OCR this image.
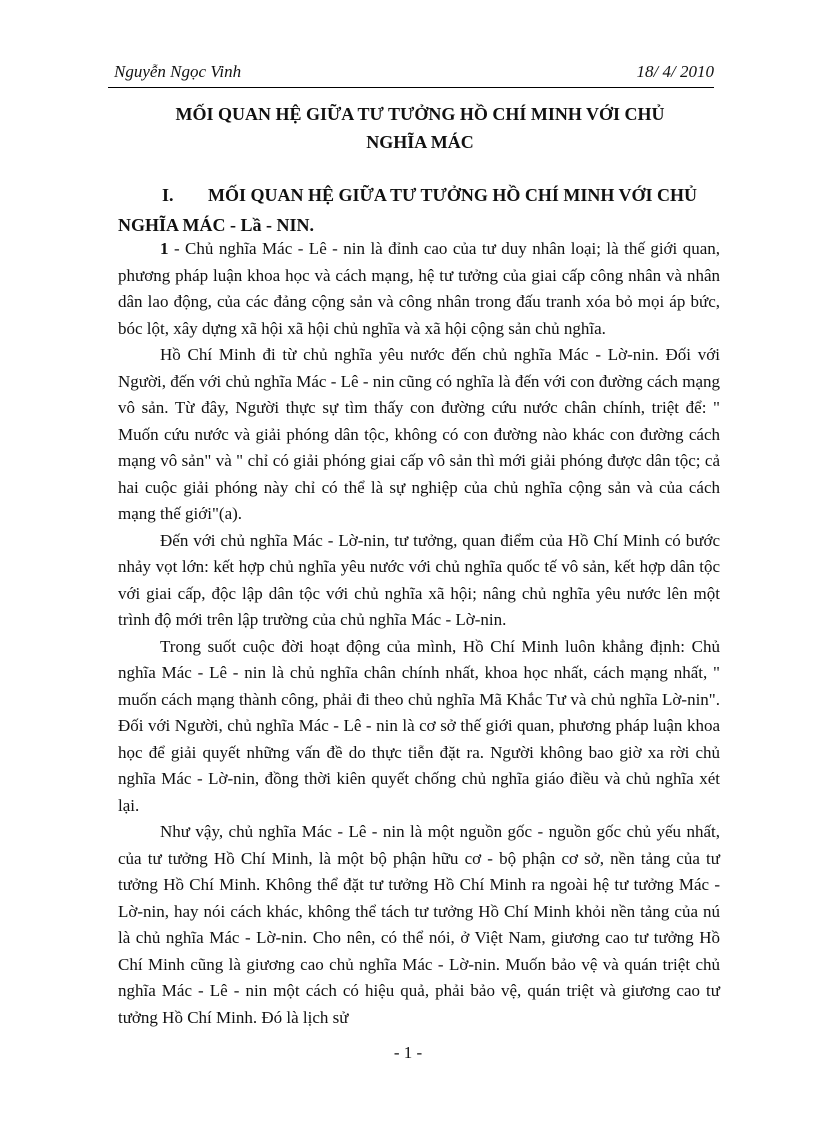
Nguyễn Ngọc Vinh	18/ 4/ 2010
MỐI QUAN HỆ GIỮA TƯ TƯỞNG HỒ CHÍ MINH VỚI CHỦ
NGHĨA MÁC
I. MỐI QUAN HỆ GIỮA TƯ TƯỞNG HỒ CHÍ MINH VỚI CHỦ
NGHĨA MÁC - Lầ - NIN.

1 - Chủ nghĩa Mác - Lê - nin là đỉnh cao của tư duy nhân loại; là thế giới quan, phương pháp luận khoa học và cách mạng, hệ tư tưởng của giai cấp công nhân và nhân dân lao động, của các đảng cộng sản và công nhân trong đấu tranh xóa bỏ mọi áp bức, bóc lột, xây dựng xã hội xã hội chủ nghĩa và xã hội cộng sản chủ nghĩa.

Hồ Chí Minh đi từ chủ nghĩa yêu nước đến chủ nghĩa Mác - Lờ-nin. Đối với Người, đến với chủ nghĩa Mác - Lê - nin cũng có nghĩa là đến với con đường cách mạng vô sản. Từ đây, Người thực sự tìm thấy con đường cứu nước chân chính, triệt để: " Muốn cứu nước và giải phóng dân tộc, không có con đường nào khác con đường cách mạng vô sản" và " chỉ có giải phóng giai cấp vô sản thì mới giải phóng được dân tộc; cả hai cuộc giải phóng này chỉ có thể là sự nghiệp của chủ nghĩa cộng sản và của cách mạng thế giới"(a).

Đến với chủ nghĩa Mác - Lờ-nin, tư tưởng, quan điểm của Hồ Chí Minh có bước nhảy vọt lớn: kết hợp chủ nghĩa yêu nước với chủ nghĩa quốc tế vô sản, kết hợp dân tộc với giai cấp, độc lập dân tộc với chủ nghĩa xã hội; nâng chủ nghĩa yêu nước lên một trình độ mới trên lập trường của chủ nghĩa Mác - Lờ-nin.

Trong suốt cuộc đời hoạt động của mình, Hồ Chí Minh luôn khẳng định: Chủ nghĩa Mác - Lê - nin là chủ nghĩa chân chính nhất, khoa học nhất, cách mạng nhất, " muốn cách mạng thành công, phải đi theo chủ nghĩa Mã Khắc Tư và chủ nghĩa Lờ-nin". Đối với Người, chủ nghĩa Mác - Lê - nin là cơ sở thế giới quan, phương pháp luận khoa học để giải quyết những vấn đề do thực tiễn đặt ra. Người không bao giờ xa rời chủ nghĩa Mác - Lờ-nin, đồng thời kiên quyết chống chủ nghĩa giáo điều và chủ nghĩa xét lại.

Như vậy, chủ nghĩa Mác - Lê - nin là một nguồn gốc - nguồn gốc chủ yếu nhất, của tư tưởng Hồ Chí Minh, là một bộ phận hữu cơ - bộ phận cơ sở, nền tảng của tư tưởng Hồ Chí Minh. Không thể đặt tư tưởng Hồ Chí Minh ra ngoài hệ tư tưởng Mác - Lờ-nin, hay nói cách khác, không thể tách tư tưởng Hồ Chí Minh khỏi nền tảng của nú là chủ nghĩa Mác - Lờ-nin. Cho nên, có thể nói, ở Việt Nam, giương cao tư tưởng Hồ Chí Minh cũng là giương cao chủ nghĩa Mác - Lờ-nin. Muốn bảo vệ và quán triệt chủ nghĩa Mác - Lê - nin một cách có hiệu quả, phải bảo vệ, quán triệt và giương cao tư tưởng Hồ Chí Minh. Đó là lịch sử

- 1 -
